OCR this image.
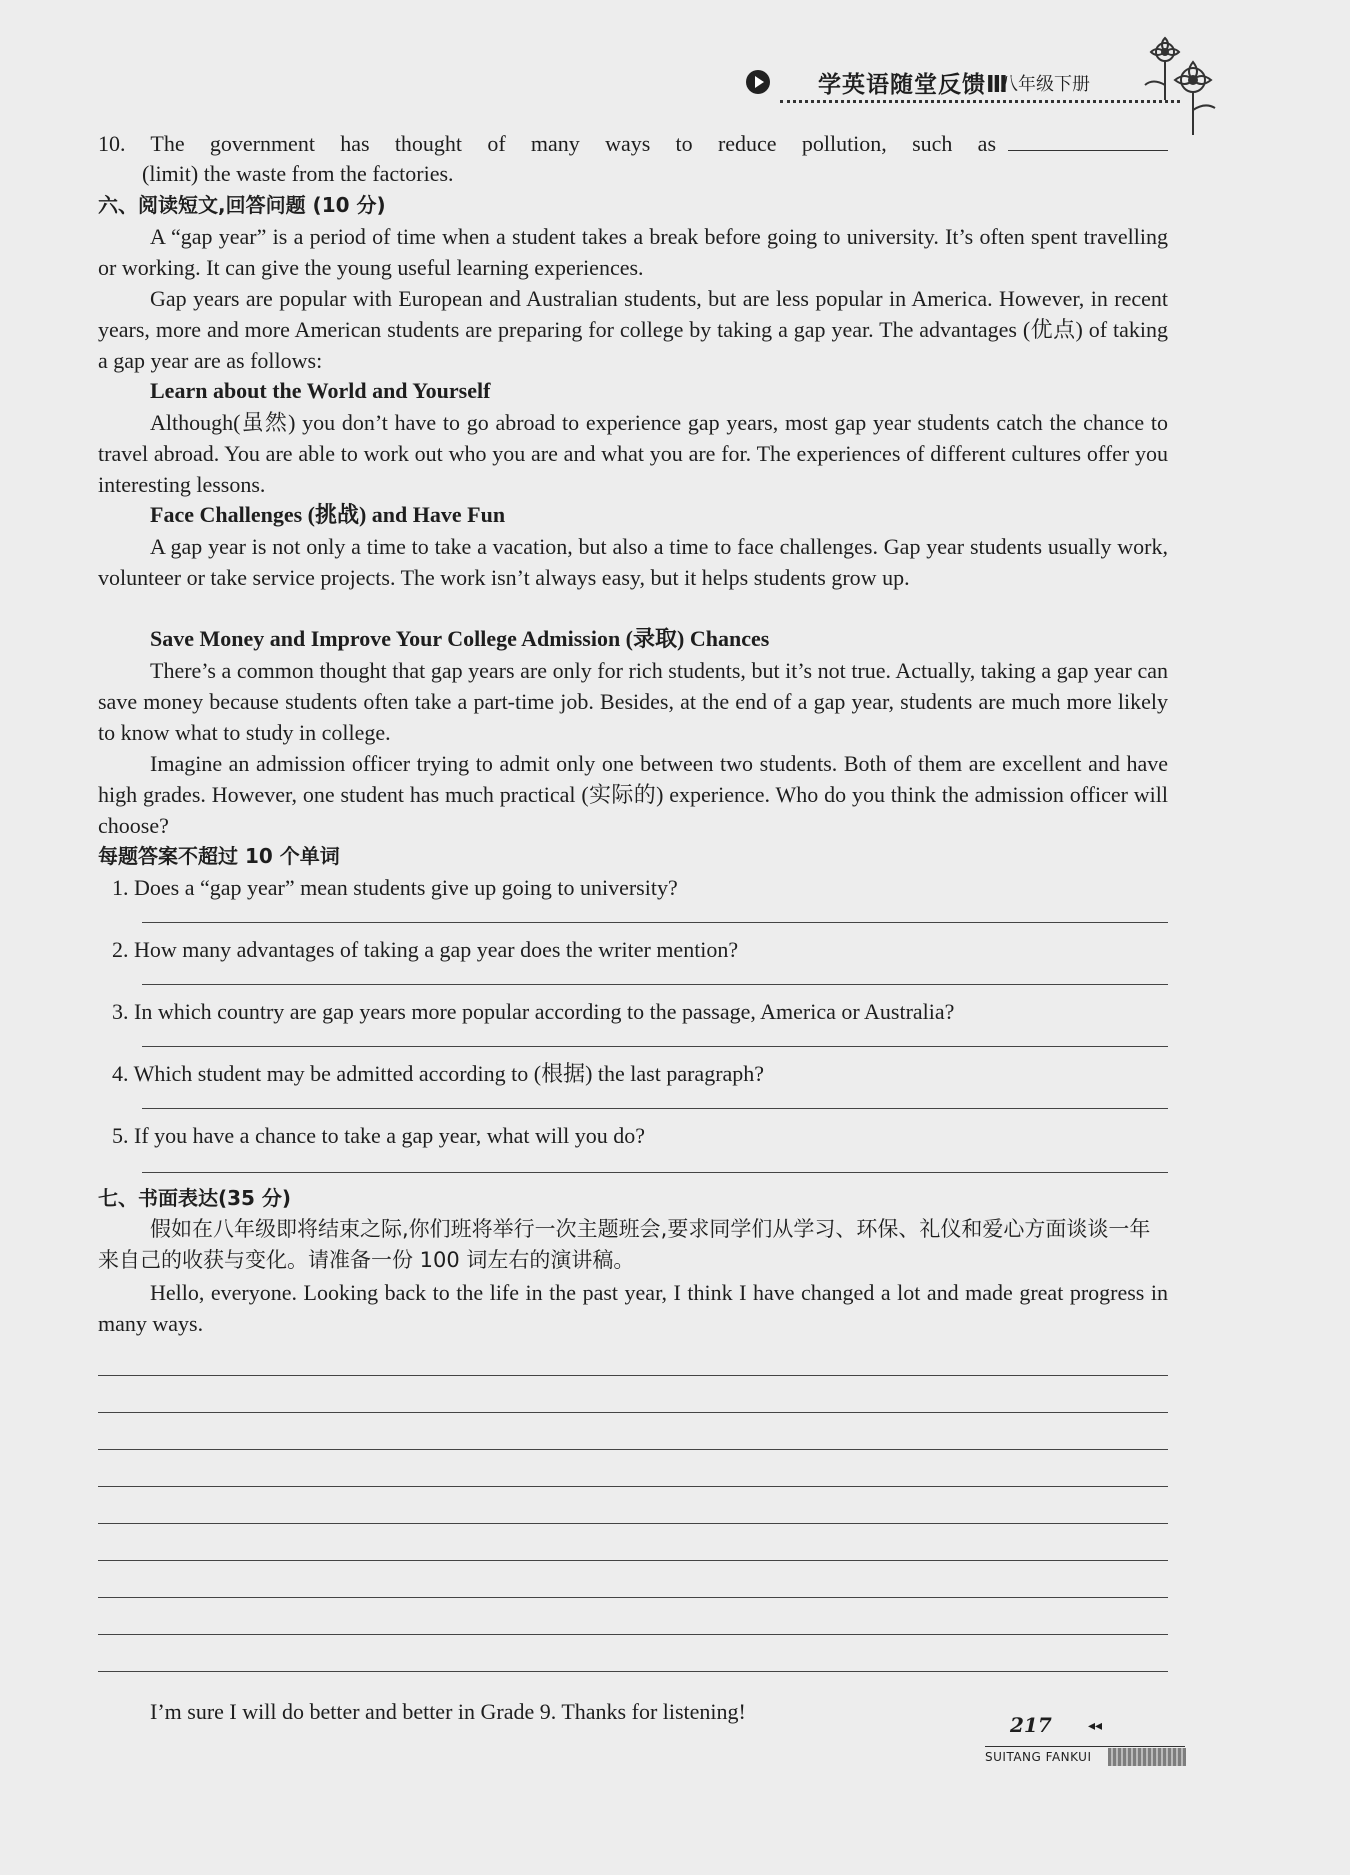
学英语随堂反馈Ⅲ
八年级下册
10. The government has thought of many ways to reduce pollution, such as
(limit) the waste from the factories.
六、阅读短文,回答问题 (10 分)
A “gap year” is a period of time when a student takes a break before going to university. It’s often spent travelling or working. It can give the young useful learning experiences.
Gap years are popular with European and Australian students, but are less popular in America. However, in recent years, more and more American students are preparing for college by taking a gap year. The advantages (优点) of taking a gap year are as follows:
Learn about the World and Yourself
Although(虽然) you don’t have to go abroad to experience gap years, most gap year students catch the chance to travel abroad. You are able to work out who you are and what you are for. The experiences of different cultures offer you interesting lessons.
Face Challenges (挑战) and Have Fun
A gap year is not only a time to take a vacation, but also a time to face challenges. Gap year students usually work, volunteer or take service projects. The work isn’t always easy, but it helps students grow up.
Save Money and Improve Your College Admission (录取) Chances
There’s a common thought that gap years are only for rich students, but it’s not true. Actually, taking a gap year can save money because students often take a part-time job. Besides, at the end of a gap year, students are much more likely to know what to study in college.
Imagine an admission officer trying to admit only one between two students. Both of them are excellent and have high grades. However, one student has much practical (实际的) experience. Who do you think the admission officer will choose?
每题答案不超过 10 个单词
1. Does a “gap year” mean students give up going to university?
2. How many advantages of taking a gap year does the writer mention?
3. In which country are gap years more popular according to the passage, America or Australia?
4. Which student may be admitted according to (根据) the last paragraph?
5. If you have a chance to take a gap year, what will you do?
七、书面表达(35 分)
假如在八年级即将结束之际,你们班将举行一次主题班会,要求同学们从学习、环保、礼仪和爱心方面谈谈一年来自己的收获与变化。请准备一份 100 词左右的演讲稿。
Hello, everyone. Looking back to the life in the past year, I think I have changed a lot and made great progress in many ways.
I’m sure I will do better and better in Grade 9. Thanks for listening!
217	◂◂
SUITANG FANKUI
